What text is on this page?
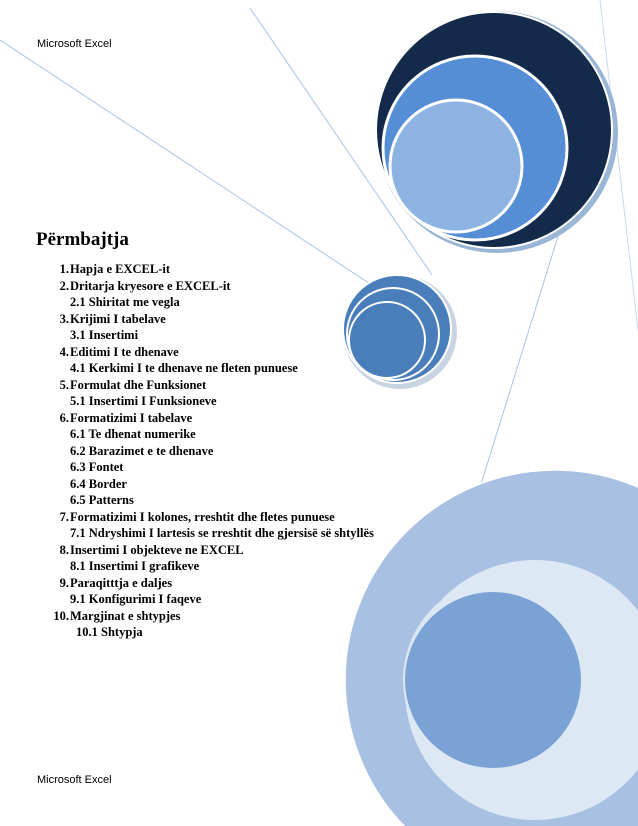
Microsoft Excel
Përmbajtja
1. Hapja e EXCEL-it
2. Dritarja kryesore e EXCEL-it
2.1 Shiritat me vegla
3. Krijimi I tabelave
3.1 Insertimi
4. Editimi I te dhenave
4.1 Kerkimi I te dhenave ne fleten punuese
5. Formulat dhe Funksionet
5.1 Insertimi I Funksioneve
6. Formatizimi I tabelave
6.1 Te dhenat numerike
6.2 Barazimet e te dhenave
6.3 Fontet
6.4 Border
6.5 Patterns
7. Formatizimi I kolones, rreshtit dhe fletes punuese
7.1 Ndryshimi I lartesis se rreshtit dhe gjersisë së shtyllës
8. Insertimi I objekteve ne EXCEL
8.1 Insertimi I grafikeve
9. Paraqitttja e daljes
9.1 Konfigurimi I faqeve
10. Margjinat e shtypjes
10.1 Shtypja
Microsoft Excel
